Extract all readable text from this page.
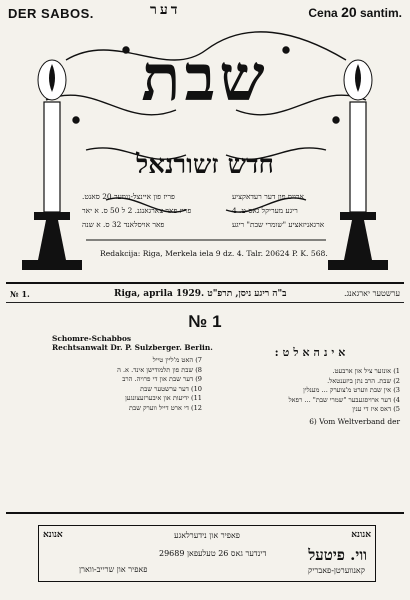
DER SABOS.	דער	Cena 20 santim.
שבת
חדש זשורנאל
פריז פון איינצל-נומער 20 סאנט.
פריז פאר צארגאנגנ. 2 ל 50 ס. א יאר
פאר אויסלאנד 32 ס. א שנה
ארויס פון דער רעדאקציע
ריגע מעריקל גאס ט. 4
ארגאניזאציע "שומרי שבת" ריגע
Redakcija: Riga, Merkela iela 9 dz. 4. Talr. 20624 P. K. 568.
№ 1.	Riga, aprila 1929. ב"ה ריגע ניסן, תרפ"ט	ערשטער יארגאנג.
№ 1
Schomre-Schabbos
Rechtsanwalt Dr. P. Sulzberger. Berlin.
7) האט מ'ליין טייל
8) שבת פון תלמודישן אינד. א. ה
9) דער שבת און די פרויה. הרב
10) דער ערשטער שבת
11) ידיעות און איבערזעצונגען
12) די ארט דייל ווערק שבת
אינהאלט:
1) אונזער ציל און ארבעט.
2) שבת. הרב נתן ביזענטאל.
3) אין שבת ווערט מ'צוערק ... מענלין
4) דער ארויסגעבער "שמרי שבת" ... רפאל
5) דאס איז די ענין
6) Vom Weltverband der
אנונא	אנונא
פאפיר און נידערלאגע
ווי. פיטעל
דינדער גאס 26 טעלעפאן 29689
פאפיר און שרייב-ווארן	קאנווערטן-פאבריק
